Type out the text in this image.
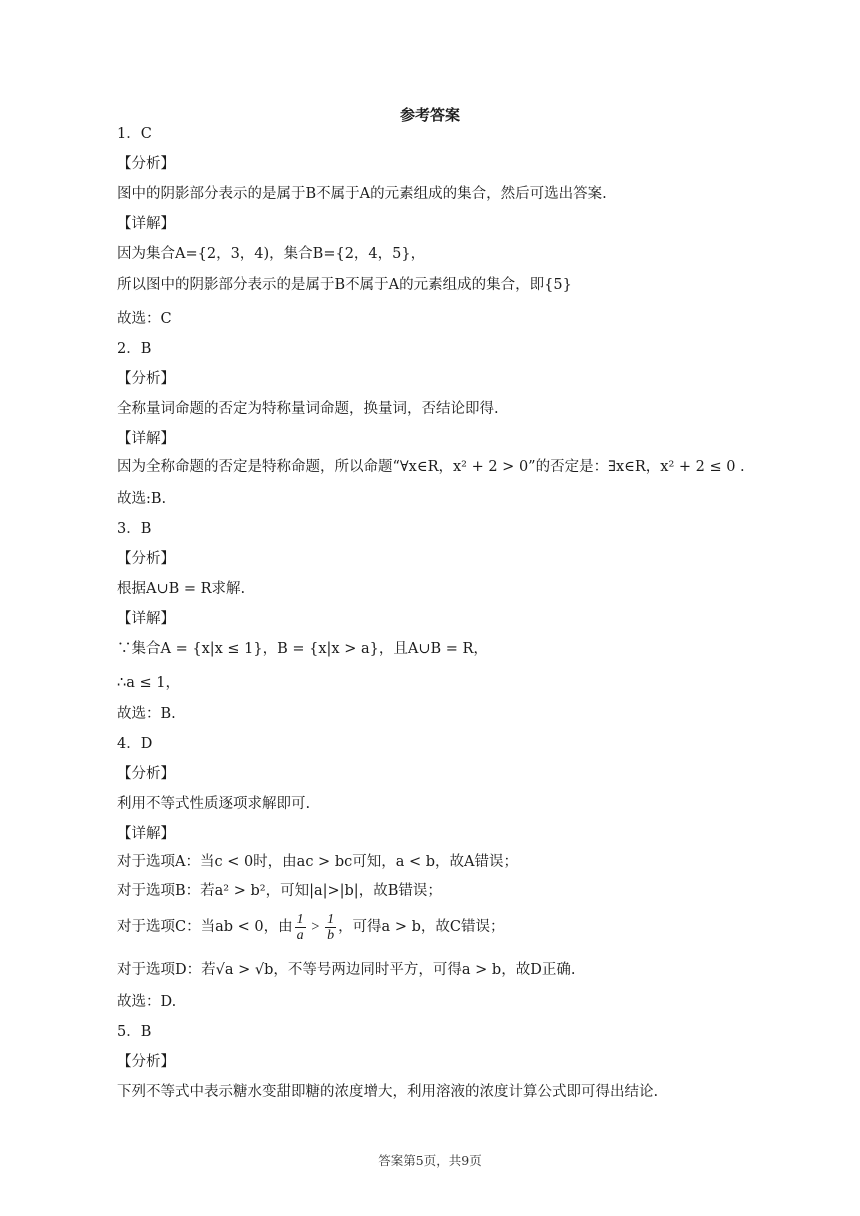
参考答案
1．C
【分析】
图中的阴影部分表示的是属于B不属于A的元素组成的集合，然后可选出答案.
【详解】
因为集合A={2，3，4)，集合B={2，4，5}，
所以图中的阴影部分表示的是属于B不属于A的元素组成的集合，即{5}
故选：C
2．B
【分析】
全称量词命题的否定为特称量词命题，换量词，否结论即得.
【详解】
因为全称命题的否定是特称命题，所以命题“∀x∈R，x² + 2 > 0”的否定是：∃x∈R，x² + 2 ≤ 0 .
故选:B.
3．B
【分析】
根据A∪B = R求解.
【详解】
∵集合A = {x|x ≤ 1}，B = {x|x > a}，且A∪B = R，
∴a ≤ 1，
故选：B.
4．D
【分析】
利用不等式性质逐项求解即可.
【详解】
对于选项A：当c < 0时，由ac > bc可知，a < b，故A错误；
对于选项B：若a² > b²，可知|a|>|b|，故B错误；
对于选项C：当ab < 0，由 $\frac{1}{a} > \frac{1}{b}$ ，可得a > b，故C错误；
对于选项D：若√a > √b，不等号两边同时平方，可得a > b，故D正确.
故选：D.
5．B
【分析】
下列不等式中表示糖水变甜即糖的浓度增大，利用溶液的浓度计算公式即可得出结论.
答案第5页，共9页
